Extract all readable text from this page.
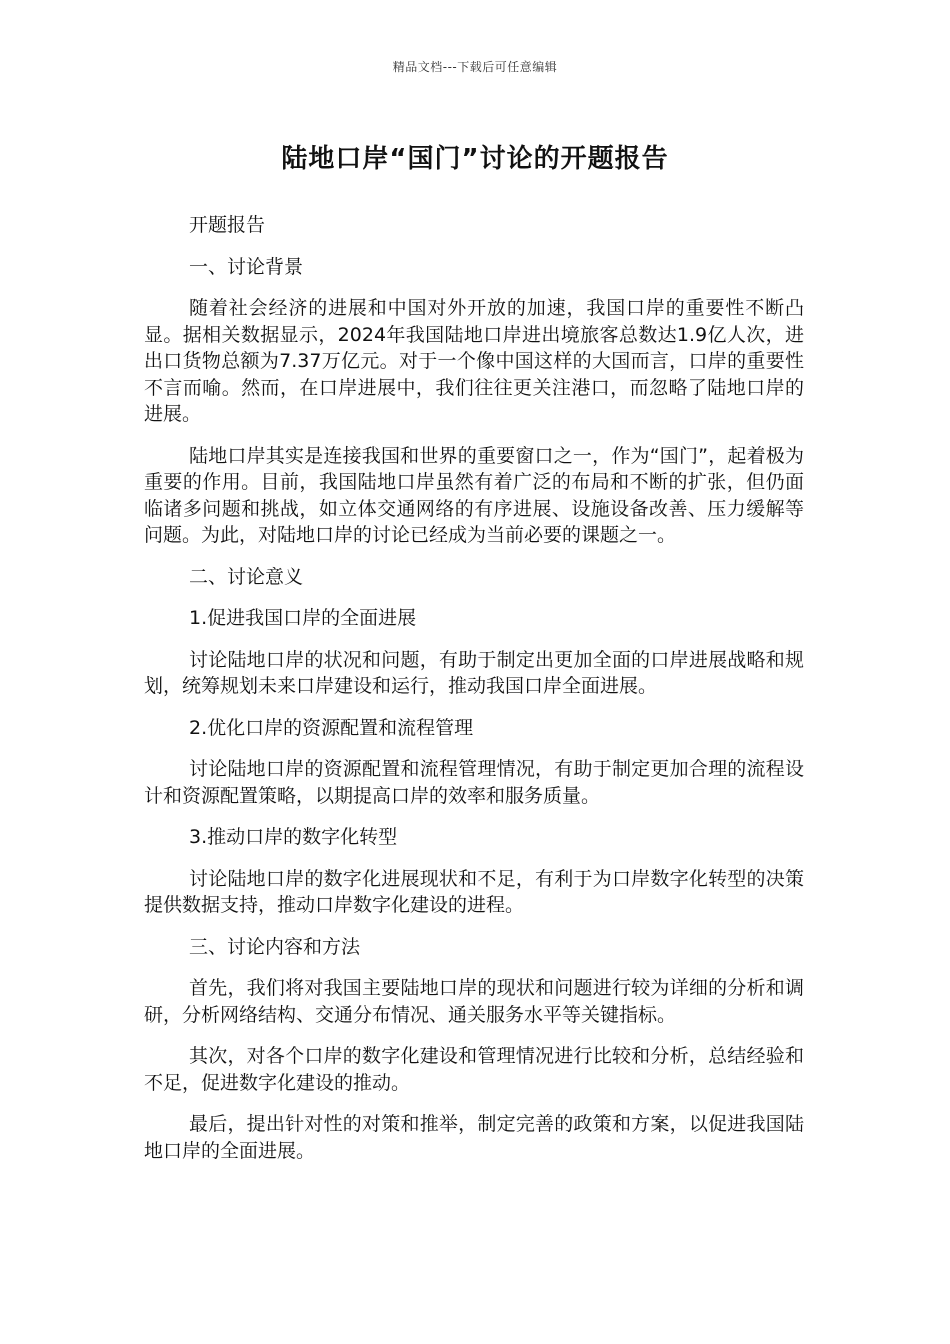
精品文档---下载后可任意编辑
陆地口岸“国门”讨论的开题报告

开题报告

一、讨论背景

随着社会经济的进展和中国对外开放的加速，我国口岸的重要性不断凸显。据相关数据显示，2024年我国陆地口岸进出境旅客总数达1.9亿人次，进出口货物总额为7.37万亿元。对于一个像中国这样的大国而言，口岸的重要性不言而喻。然而，在口岸进展中，我们往往更关注港口，而忽略了陆地口岸的进展。

陆地口岸其实是连接我国和世界的重要窗口之一，作为“国门”，起着极为重要的作用。目前，我国陆地口岸虽然有着广泛的布局和不断的扩张，但仍面临诸多问题和挑战，如立体交通网络的有序进展、设施设备改善、压力缓解等问题。为此，对陆地口岸的讨论已经成为当前必要的课题之一。

二、讨论意义

1.促进我国口岸的全面进展

讨论陆地口岸的状况和问题，有助于制定出更加全面的口岸进展战略和规划，统筹规划未来口岸建设和运行，推动我国口岸全面进展。

2.优化口岸的资源配置和流程管理

讨论陆地口岸的资源配置和流程管理情况，有助于制定更加合理的流程设计和资源配置策略，以期提高口岸的效率和服务质量。

3.推动口岸的数字化转型

讨论陆地口岸的数字化进展现状和不足，有利于为口岸数字化转型的决策提供数据支持，推动口岸数字化建设的进程。

三、讨论内容和方法

首先，我们将对我国主要陆地口岸的现状和问题进行较为详细的分析和调研，分析网络结构、交通分布情况、通关服务水平等关键指标。

其次，对各个口岸的数字化建设和管理情况进行比较和分析，总结经验和不足，促进数字化建设的推动。

最后，提出针对性的对策和推举，制定完善的政策和方案，以促进我国陆地口岸的全面进展。
